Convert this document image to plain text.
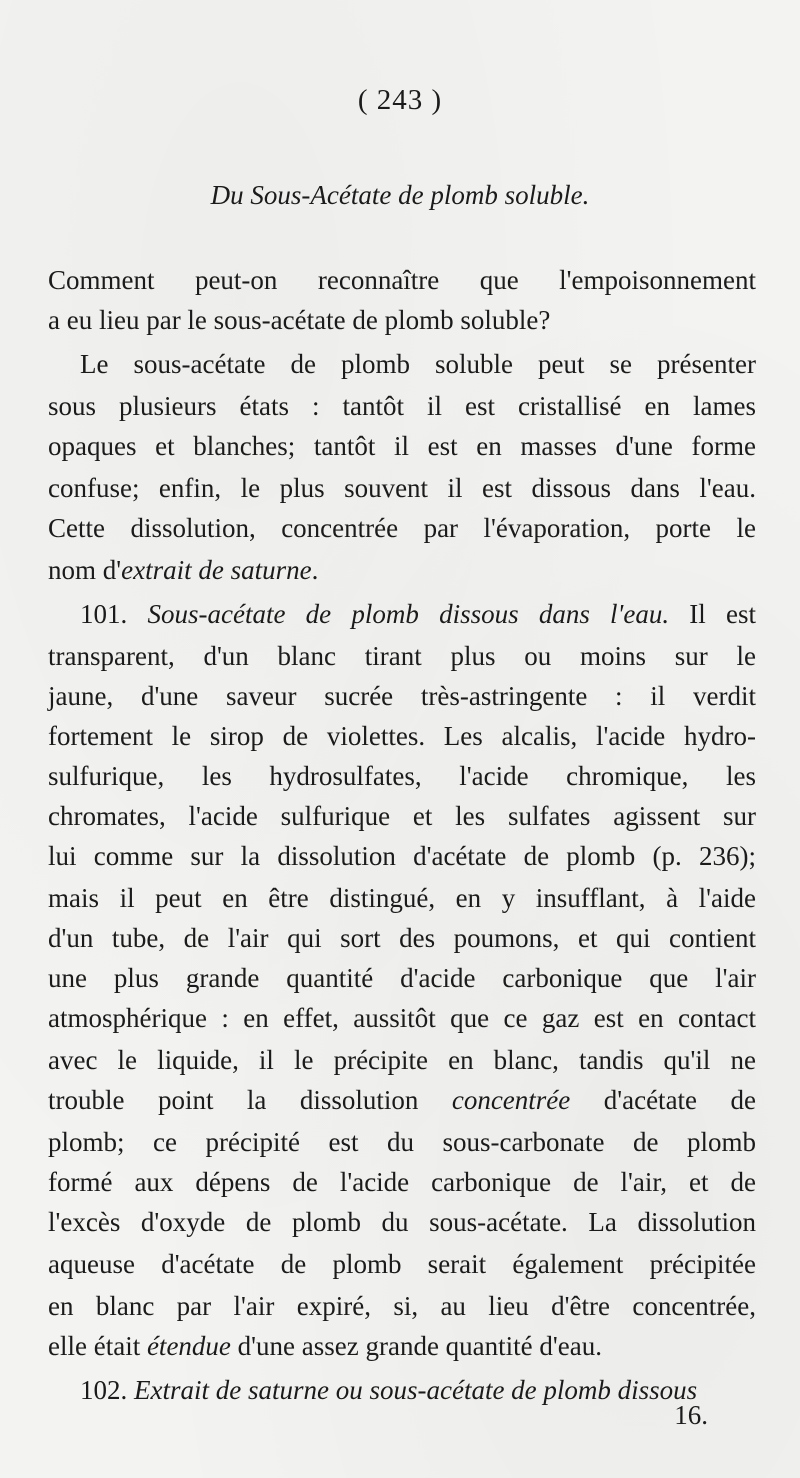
( 243 )
Du Sous-Acétate de plomb soluble.
Comment peut-on reconnaître que l'empoisonnement
a eu lieu par le sous-acétate de plomb soluble?
Le sous-acétate de plomb soluble peut se présenter
sous plusieurs états : tantôt il est cristallisé en lames
opaques et blanches; tantôt il est en masses d'une forme
confuse; enfin, le plus souvent il est dissous dans l'eau.
Cette dissolution, concentrée par l'évaporation, porte le
nom d'extrait de saturne.
101. Sous-acétate de plomb dissous dans l'eau. Il est
transparent, d'un blanc tirant plus ou moins sur le
jaune, d'une saveur sucrée très-astringente : il verdit
fortement le sirop de violettes. Les alcalis, l'acide hydro-
sulfurique, les hydrosulfates, l'acide chromique, les
chromates, l'acide sulfurique et les sulfates agissent sur
lui comme sur la dissolution d'acétate de plomb (p. 236);
mais il peut en être distingué, en y insufflant, à l'aide
d'un tube, de l'air qui sort des poumons, et qui contient
une plus grande quantité d'acide carbonique que l'air
atmosphérique : en effet, aussitôt que ce gaz est en contact
avec le liquide, il le précipite en blanc, tandis qu'il ne
trouble point la dissolution concentrée d'acétate de
plomb; ce précipité est du sous-carbonate de plomb
formé aux dépens de l'acide carbonique de l'air, et de
l'excès d'oxyde de plomb du sous-acétate. La dissolution
aqueuse d'acétate de plomb serait également précipitée
en blanc par l'air expiré, si, au lieu d'être concentrée,
elle était étendue d'une assez grande quantité d'eau.
102. Extrait de saturne ou sous-acétate de plomb dissous
16.
